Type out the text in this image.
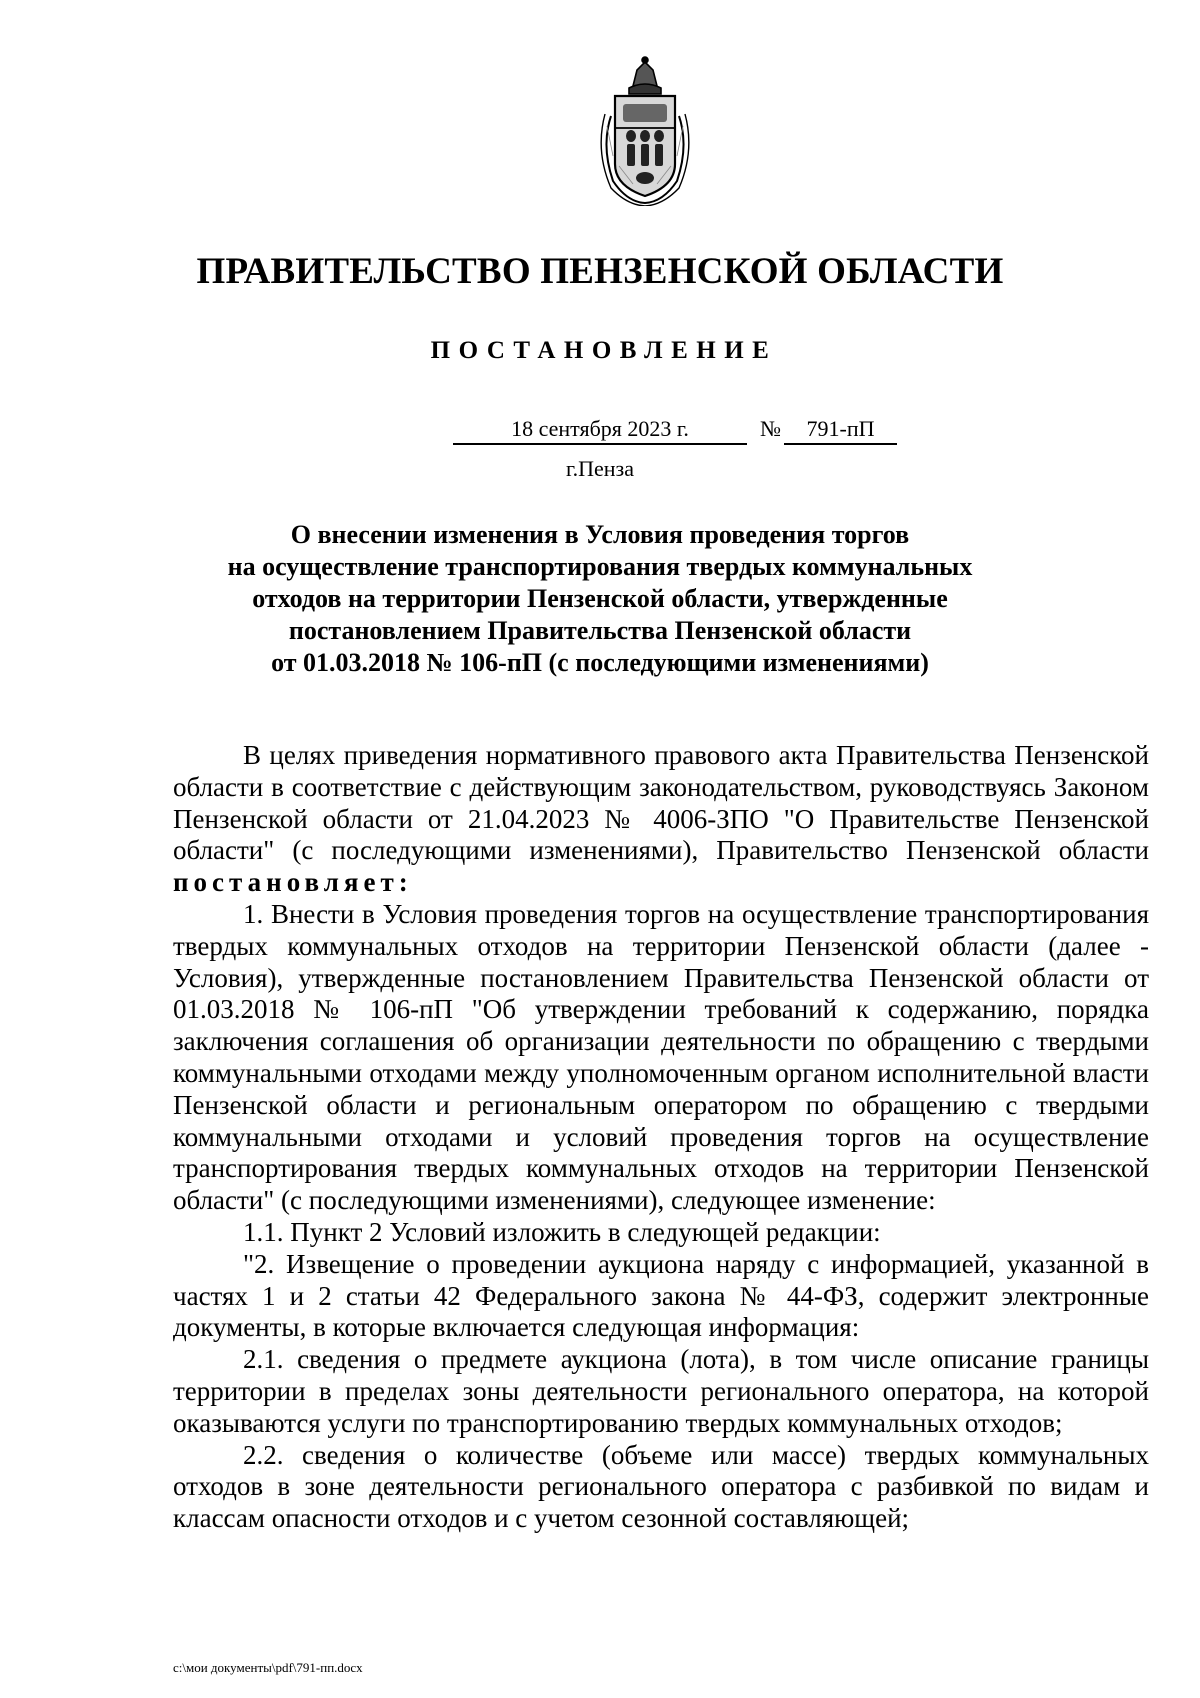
ПРАВИТЕЛЬСТВО ПЕНЗЕНСКОЙ ОБЛАСТИ
ПОСТАНОВЛЕНИЕ
18 сентября 2023 г.	№	791-пП
г.Пенза
О внесении изменения в Условия проведения торгов
на осуществление транспортирования твердых коммунальных
отходов на территории Пензенской области, утвержденные
постановлением Правительства Пензенской области
от 01.03.2018 № 106-пП (с последующими изменениями)

В целях приведения нормативного правового акта Правительства Пензенской области в соответствие с действующим законодательством, руководствуясь Законом Пензенской области от 21.04.2023 № 4006-ЗПО "О Правительстве Пензенской области" (с последующими изменениями), Правительство Пензенской области постановляет:

1. Внести в Условия проведения торгов на осуществление транспортирования твердых коммунальных отходов на территории Пензенской области (далее - Условия), утвержденные постановлением Правительства Пензенской области от 01.03.2018 № 106-пП "Об утверждении требований к содержанию, порядка заключения соглашения об организации деятельности по обращению с твердыми коммунальными отходами между уполномоченным органом исполнительной власти Пензенской области и региональным оператором по обращению с твердыми коммунальными отходами и условий проведения торгов на осуществление транспортирования твердых коммунальных отходов на территории Пензенской области" (с последующими изменениями), следующее изменение:

1.1. Пункт 2 Условий изложить в следующей редакции:

"2. Извещение о проведении аукциона наряду с информацией, указанной в частях 1 и 2 статьи 42 Федерального закона № 44-ФЗ, содержит электронные документы, в которые включается следующая информация:

2.1. сведения о предмете аукциона (лота), в том числе описание границы территории в пределах зоны деятельности регионального оператора, на которой оказываются услуги по транспортированию твердых коммунальных отходов;

2.2. сведения о количестве (объеме или массе) твердых коммунальных отходов в зоне деятельности регионального оператора с разбивкой по видам и классам опасности отходов и с учетом сезонной составляющей;

c:\мои документы\pdf\791-пп.docx
